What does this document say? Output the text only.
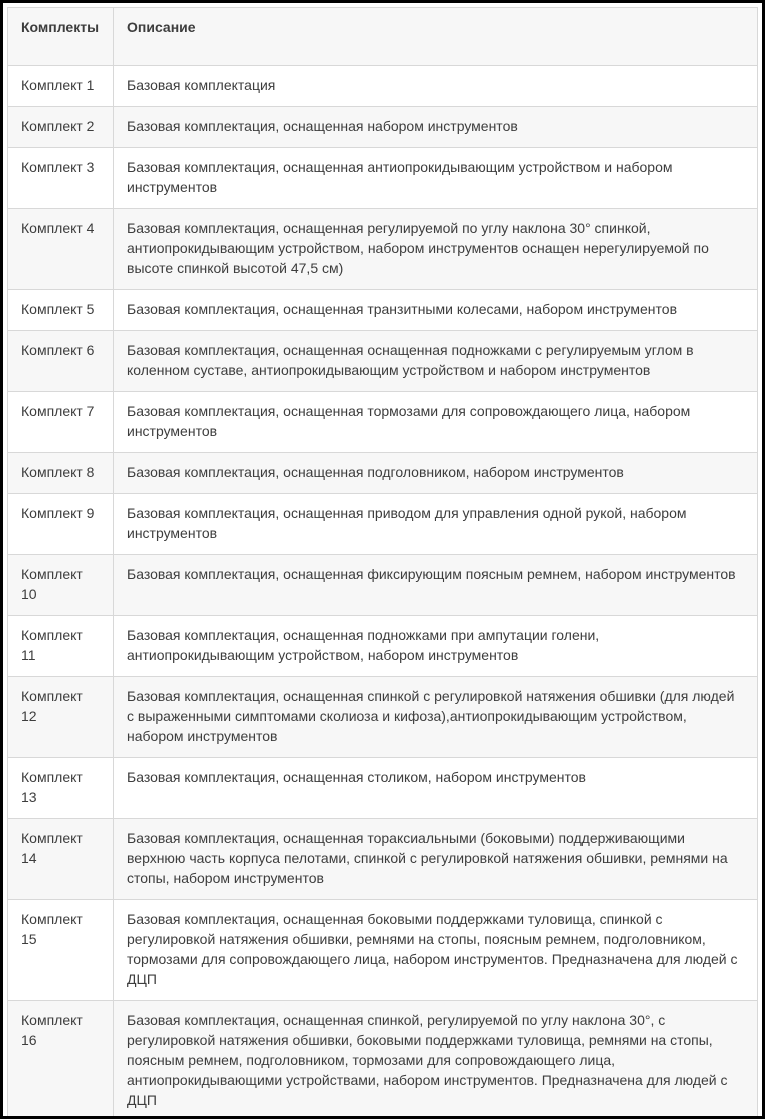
Комплекты	Описание
Комплект 1	Базовая комплектация
Комплект 2	Базовая комплектация, оснащенная набором инструментов
Комплект 3	Базовая комплектация, оснащенная антиопрокидывающим устройством и набором инструментов
Комплект 4	Базовая комплектация, оснащенная регулируемой по углу наклона 30° спинкой, антиопрокидывающим устройством, набором инструментов оснащен нерегулируемой по высоте спинкой высотой 47,5 см)
Комплект 5	Базовая комплектация, оснащенная транзитными колесами, набором инструментов
Комплект 6	Базовая комплектация, оснащенная оснащенная подножками с регулируемым углом в коленном суставе, антиопрокидывающим устройством и набором инструментов
Комплект 7	Базовая комплектация, оснащенная тормозами для сопровождающего лица, набором инструментов
Комплект 8	Базовая комплектация, оснащенная подголовником, набором инструментов
Комплект 9	Базовая комплектация, оснащенная приводом для управления одной рукой, набором инструментов
Комплект 10	Базовая комплектация, оснащенная фиксирующим поясным ремнем, набором инструментов
Комплект 11	Базовая комплектация, оснащенная подножками при ампутации голени, антиопрокидывающим устройством, набором инструментов
Комплект 12	Базовая комплектация, оснащенная спинкой с регулировкой натяжения обшивки (для людей с выраженными симптомами сколиоза и кифоза),антиопрокидывающим устройством, набором инструментов
Комплект 13	Базовая комплектация, оснащенная столиком, набором инструментов
Комплект 14	Базовая комплектация, оснащенная тораксиальными (боковыми) поддерживающими верхнюю часть корпуса пелотами, спинкой с регулировкой натяжения обшивки, ремнями на стопы, набором инструментов
Комплект 15	Базовая комплектация, оснащенная боковыми поддержками туловища, спинкой с регулировкой натяжения обшивки, ремнями на стопы, поясным ремнем, подголовником, тормозами для сопровождающего лица, набором инструментов. Предназначена для людей с ДЦП
Комплект 16	Базовая комплектация, оснащенная спинкой, регулируемой по углу наклона 30°, с регулировкой натяжения обшивки, боковыми поддержками туловища, ремнями на стопы, поясным ремнем, подголовником, тормозами для сопровождающего лица, антиопрокидывающими устройствами, набором инструментов. Предназначена для людей с ДЦП
